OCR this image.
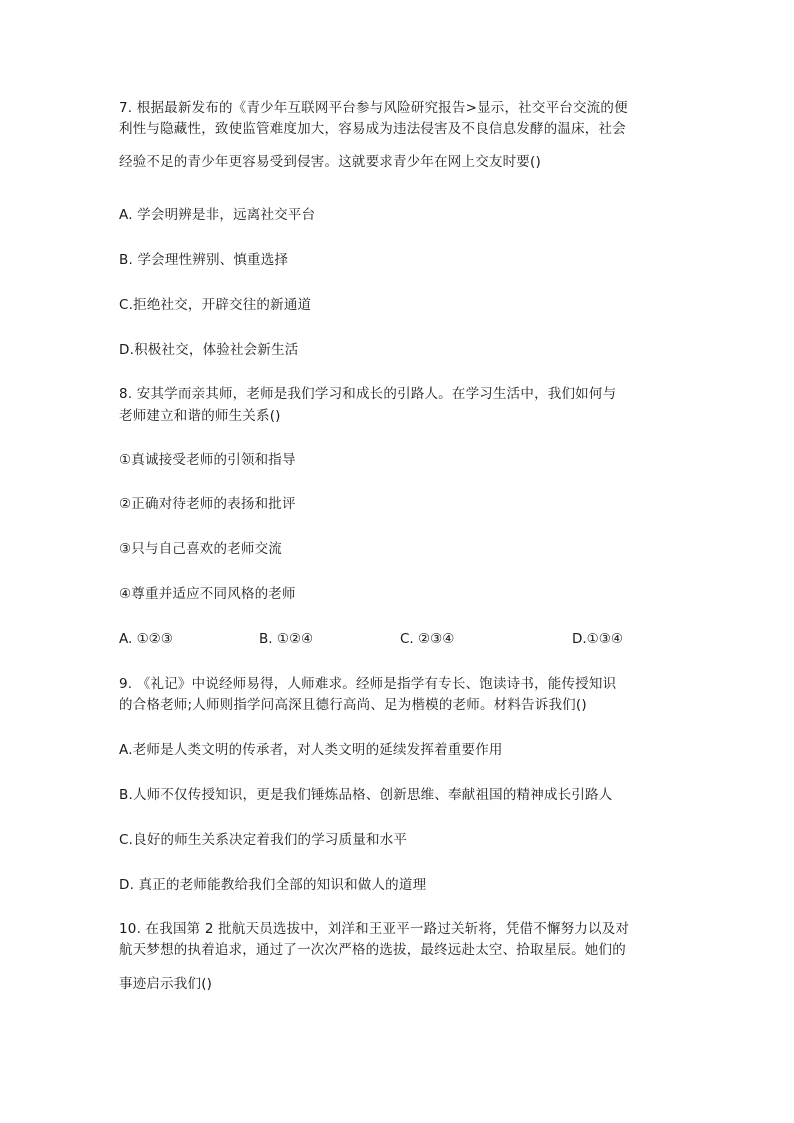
7. 根据最新发布的《青少年互联网平台参与风险研究报告>显示，社交平台交流的便
利性与隐藏性，致使监管难度加大，容易成为违法侵害及不良信息发酵的温床，社会
经验不足的青少年更容易受到侵害。这就要求青少年在网上交友时要()
A. 学会明辨是非，远离社交平台
B. 学会理性辨别、慎重选择
C.拒绝社交，开辟交往的新通道
D.积极社交，体验社会新生活
8. 安其学而亲其师，老师是我们学习和成长的引路人。在学习生活中，我们如何与
老师建立和谐的师生关系()
①真诚接受老师的引领和指导
②正确对待老师的表扬和批评
③只与自己喜欢的老师交流
④尊重并适应不同风格的老师
A. ①②③	B. ①②④	C. ②③④	D.①③④
9. 《礼记》中说经师易得，人师难求。经师是指学有专长、饱读诗书，能传授知识
的合格老师;人师则指学问高深且德行高尚、足为楷模的老师。材料告诉我们()
A.老师是人类文明的传承者，对人类文明的延续发挥着重要作用
B.人师不仅传授知识，更是我们锤炼品格、创新思维、奉献祖国的精神成长引路人
C.良好的师生关系决定着我们的学习质量和水平
D. 真正的老师能教给我们全部的知识和做人的道理
10. 在我国第 2 批航天员选拔中，刘洋和王亚平一路过关斩将，凭借不懈努力以及对
航天梦想的执着追求，通过了一次次严格的选拔，最终远赴太空、拾取星辰。她们的
事迹启示我们()
